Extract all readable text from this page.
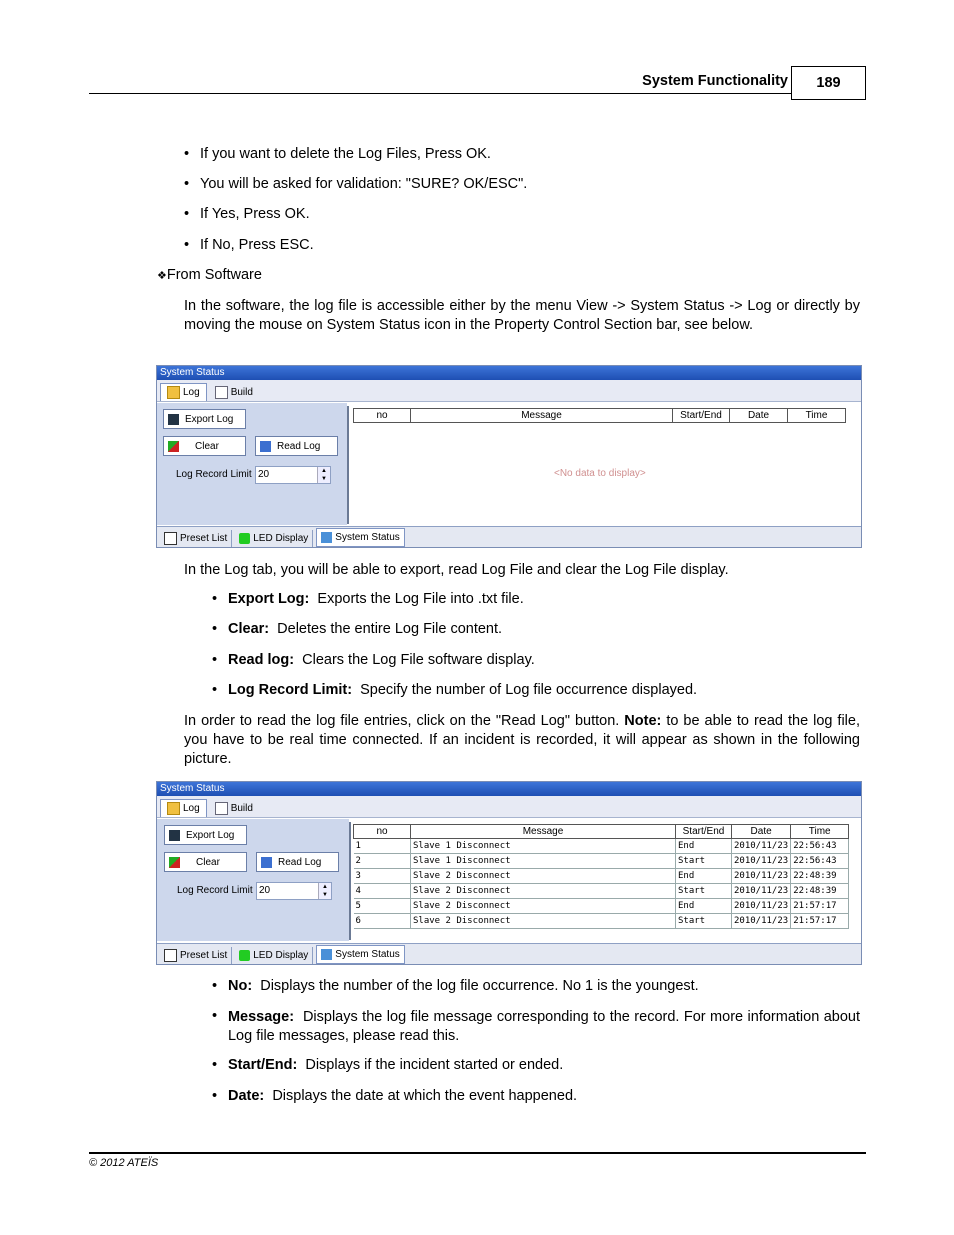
System Functionality	189
• If you want to delete the Log Files, Press OK.
• You will be asked for validation: "SURE? OK/ESC".
• If Yes, Press OK.
• If No, Press ESC.
❖From Software

In the software, the log file is accessible either by the menu View -> System Status -> Log or directly by moving the mouse on System Status icon in the Property Control Section bar, see below.

System Status
Log	Build
Export Log
Clear	Read Log
Log Record Limit 20	▲
▼
no	Message	Start/End	Date	Time
<No data to display>
Preset List	LED Display	System Status

In the Log tab, you will be able to export, read Log File and clear the Log File display.

• Export Log: Exports the Log File into .txt file.
• Clear: Deletes the entire Log File content.
• Read log: Clears the Log File software display.
• Log Record Limit: Specify the number of Log file occurrence displayed.

In order to read the log file entries, click on the "Read Log" button. Note: to be able to read the log file, you have to be real time connected. If an incident is recorded, it will appear as shown in the following picture.

System Status
Log	Build
Export Log
Clear	Read Log
Log Record Limit 20	▲
▼
no	Message	Start/End	Date	Time
1	Slave 1 Disconnect	End	2010/11/23	22:56:43
2	Slave 1 Disconnect	Start	2010/11/23	22:56:43
3	Slave 2 Disconnect	End	2010/11/23	22:48:39
4	Slave 2 Disconnect	Start	2010/11/23	22:48:39
5	Slave 2 Disconnect	End	2010/11/23	21:57:17
6	Slave 2 Disconnect	Start	2010/11/23	21:57:17
Preset List	LED Display	System Status
• No: Displays the number of the log file occurrence. No 1 is the youngest.
• Message: Displays the log file message corresponding to the record. For more information about Log file messages, please read this.

• Start/End: Displays if the incident started or ended.
• Date: Displays the date at which the event happened.
© 2012 ATEÏS
